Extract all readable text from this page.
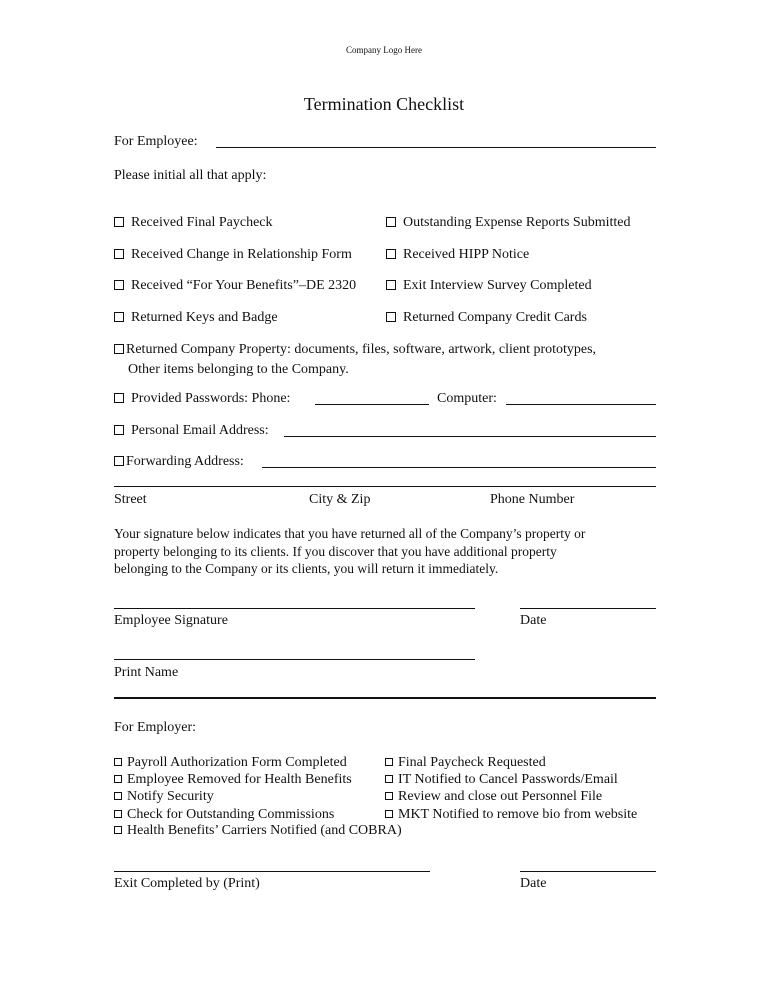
Company Logo Here
Termination Checklist
For Employee:
Please initial all that apply:
Received Final Paycheck
Received Change in Relationship Form
Received “For Your Benefits”–DE 2320
Returned Keys and Badge
Outstanding Expense Reports Submitted
Received HIPP Notice
Exit Interview Survey Completed
Returned Company Credit Cards
Returned Company Property: documents, files, software, artwork, client prototypes,
Other items belonging to the Company.
Provided Passwords: Phone:	Computer:
Personal Email Address:
Forwarding Address:
Street	City & Zip	Phone Number
Your signature below indicates that you have returned all of the Company’s property or
property belonging to its clients. If you discover that you have additional property
belonging to the Company or its clients, you will return it immediately.
Employee Signature	Date
Print Name
For Employer:
Payroll Authorization Form Completed
Employee Removed for Health Benefits
Notify Security
Check for Outstanding Commissions
Health Benefits’ Carriers Notified (and COBRA)
Final Paycheck Requested
IT Notified to Cancel Passwords/Email
Review and close out Personnel File
MKT Notified to remove bio from website
Exit Completed by (Print)	Date
